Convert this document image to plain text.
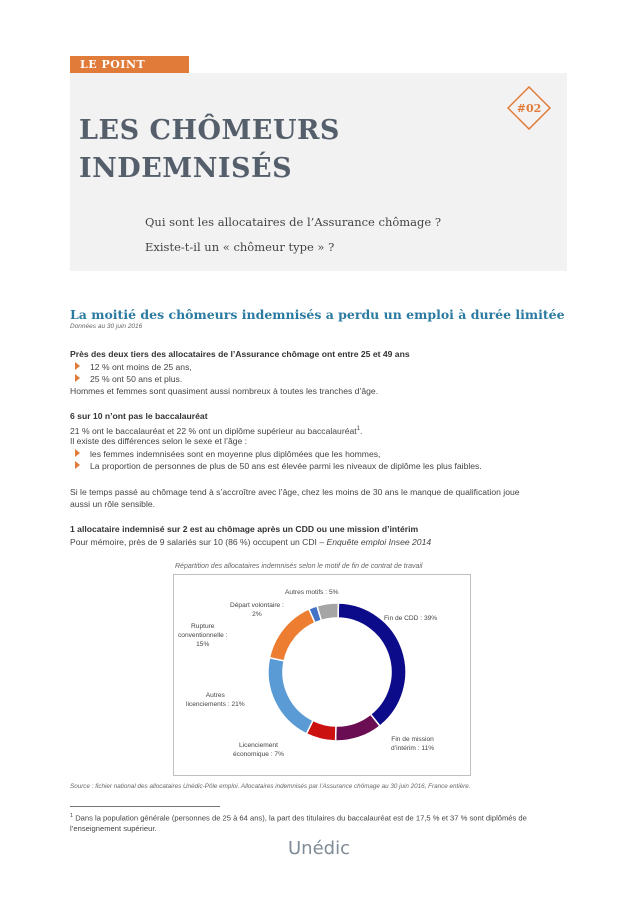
LE POINT
#02
LES CHÔMEURS
INDEMNISÉS
Qui sont les allocataires de l’Assurance chômage ?
Existe-t-il un « chômeur type » ?
La moitié des chômeurs indemnisés a perdu un emploi à durée limitée
Données au 30 juin 2016
Près des deux tiers des allocataires de l’Assurance chômage ont entre 25 et 49 ans
12 % ont moins de 25 ans,
25 % ont 50 ans et plus.
Hommes et femmes sont quasiment aussi nombreux à toutes les tranches d’âge.
6 sur 10 n’ont pas le baccalauréat
21 % ont le baccalauréat et 22 % ont un diplôme supérieur au baccalauréat$^1$.
Il existe des différences selon le sexe et l’âge :
les femmes indemnisées sont en moyenne plus diplômées que les hommes,
La proportion de personnes de plus de 50 ans est élevée parmi les niveaux de diplôme les plus faibles.
Si le temps passé au chômage tend à s’accroître avec l’âge, chez les moins de 30 ans le manque de qualification joue
aussi un rôle sensible.
1 allocataire indemnisé sur 2 est au chômage après un CDD ou une mission d’intérim
Pour mémoire, près de 9 salariés sur 10 (86 %) occupent un CDI – Enquête emploi Insee 2014
Répartition des allocataires indemnisés selon le motif de fin de contrat de travail
Autres motifs : 5%
Départ volontaire :
2%
Fin de CDD : 39%
Rupture
conventionnelle :
15%
Autres
licenciements : 21%
Fin de mission
d’intérim : 11%
Licenciement
économique : 7%
Source : fichier national des allocataires Unédic-Pôle emploi. Allocataires indemnisés par l’Assurance chômage au 30 juin 2016, France entière.
$^1$ Dans la population générale (personnes de 25 à 64 ans), la part des titulaires du baccalauréat est de 17,5 % et 37 % sont diplômés de
l’enseignement supérieur.
Unédic
